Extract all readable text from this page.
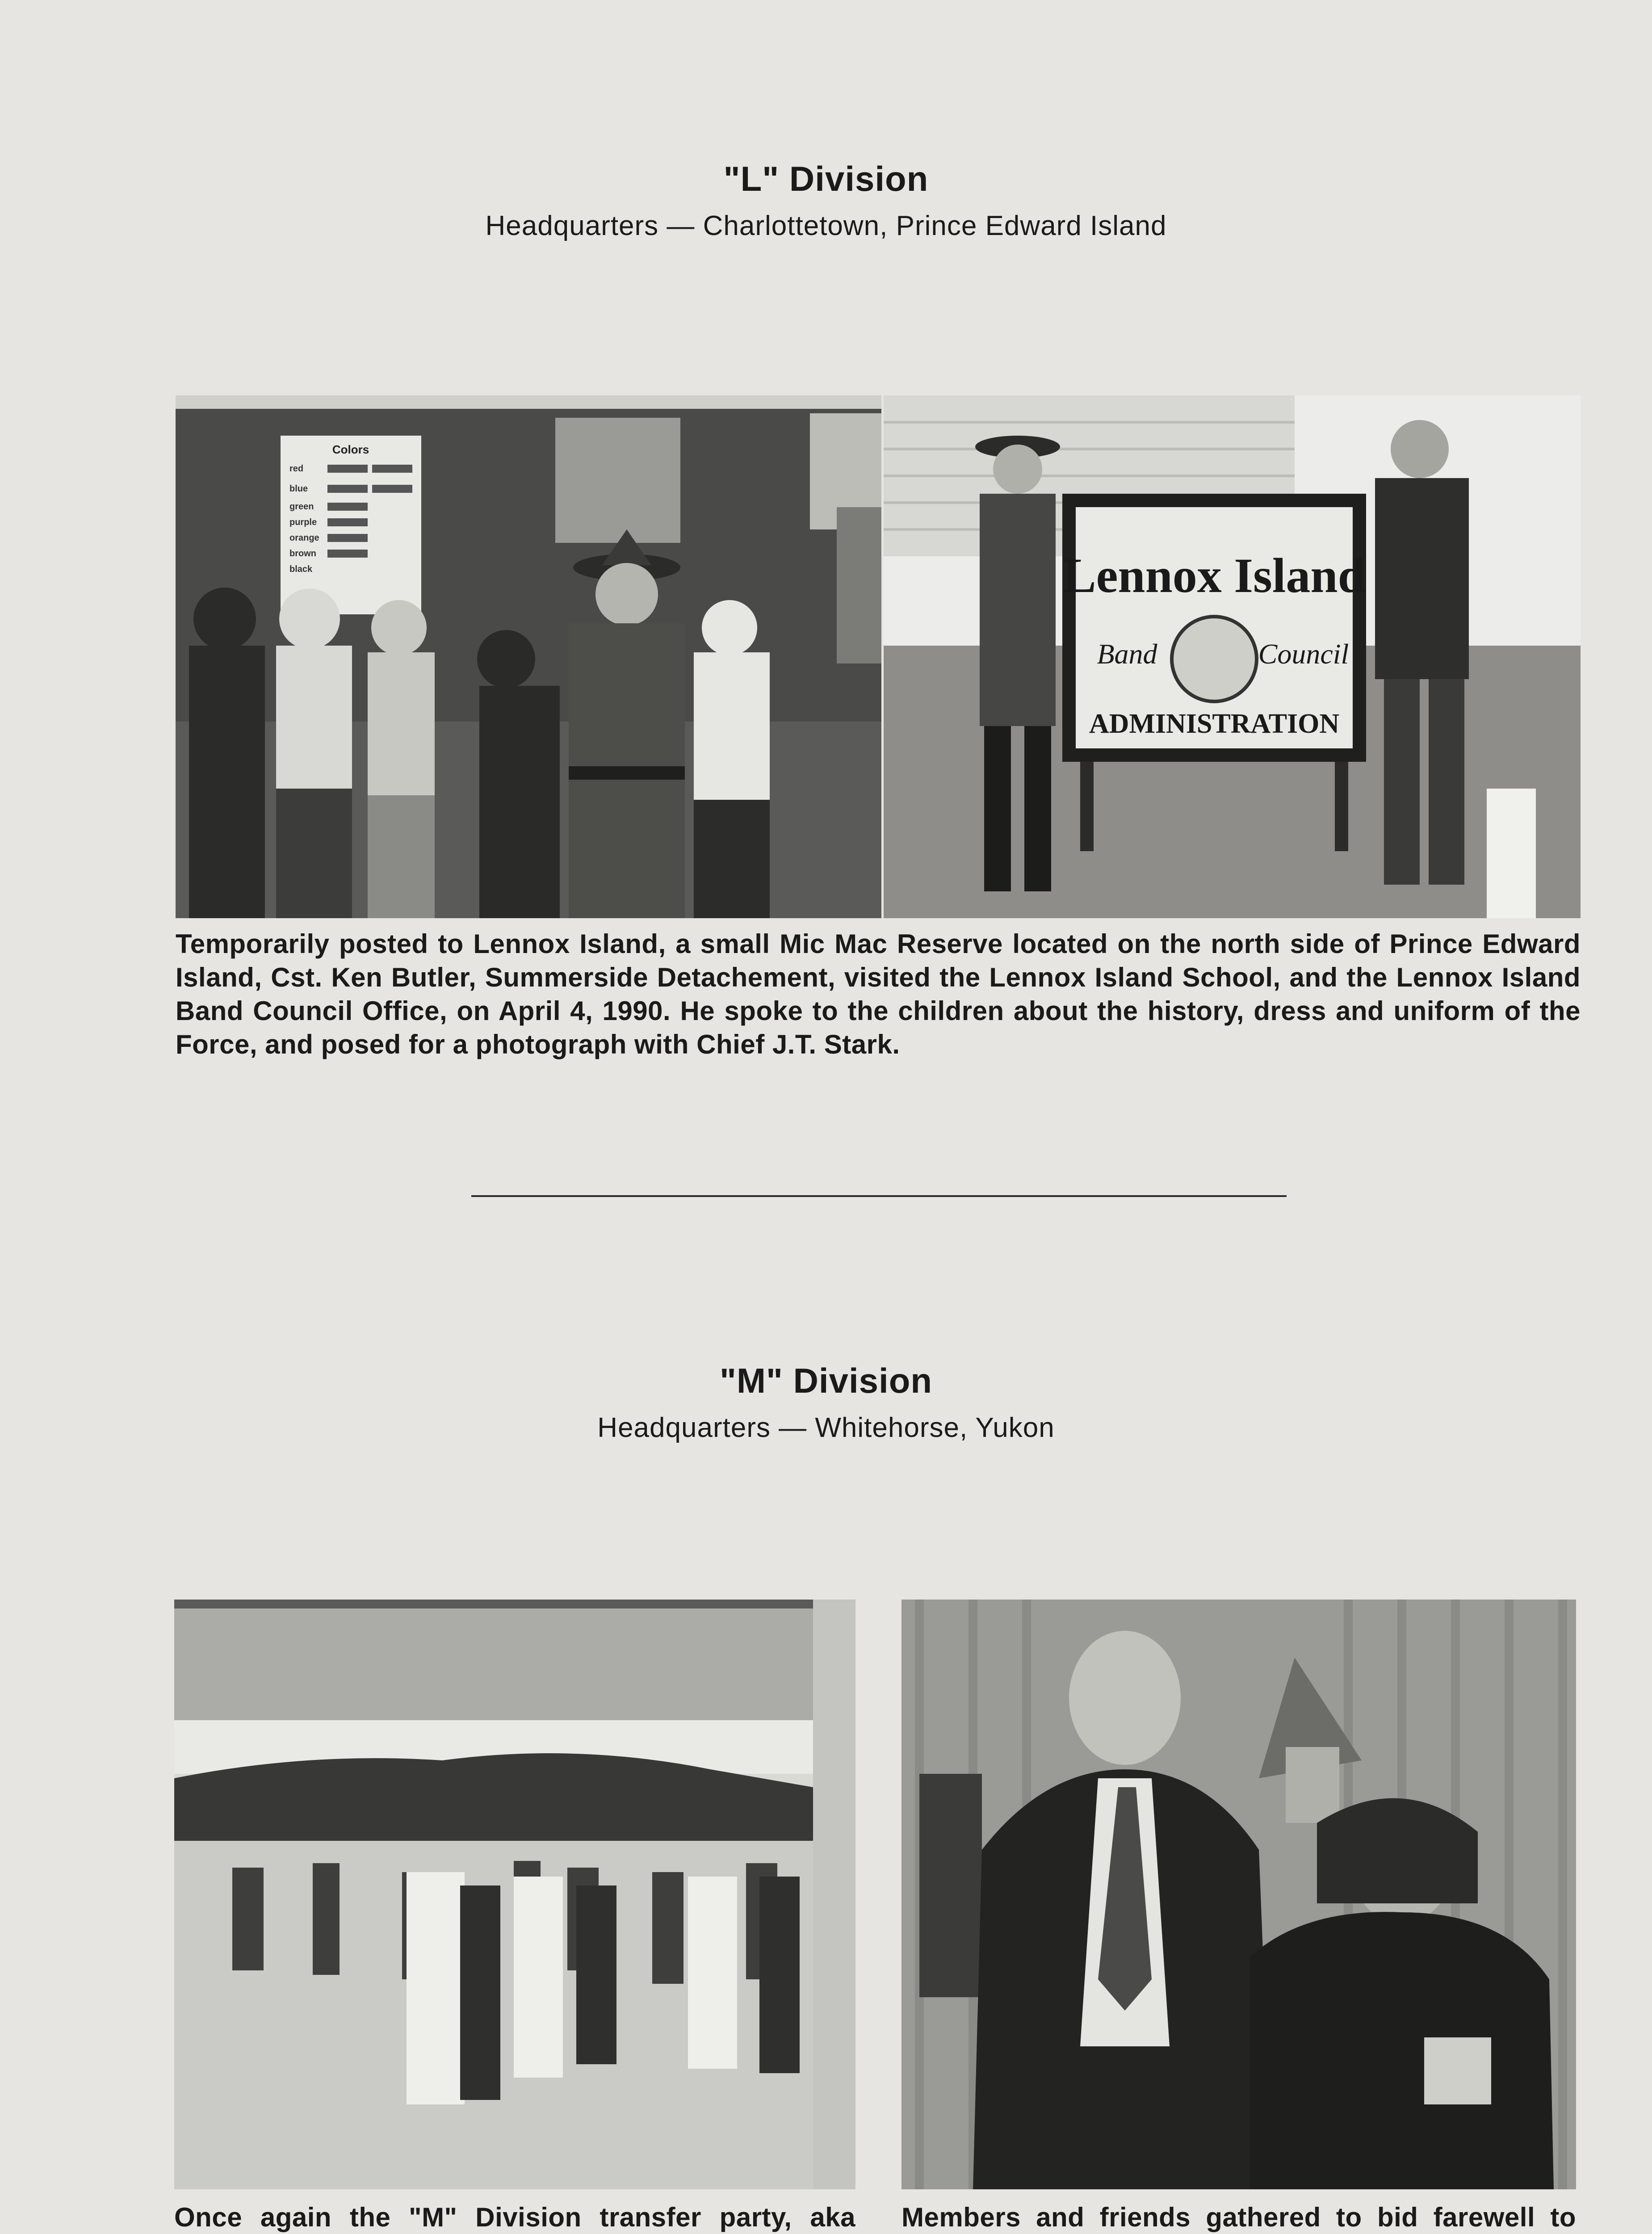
"L" Division
Headquarters — Charlottetown, Prince Edward Island
Colors
red
blue
green
purple
orange
brown
black	Lennox Island
Band	Council
ADMINISTRATION
Temporarily posted to Lennox Island, a small Mic Mac Reserve located on the north side of Prince Edward Island, Cst. Ken Butler, Summerside Detachement, visited the Lennox Island School, and the Lennox Island Band Council Office, on April 4, 1990. He spoke to the children about the history, dress and uniform of the Force, and posed for a photograph with Chief J.T. Stark.
"M" Division
Headquarters — Whitehorse, Yukon
Once again the "M" Division transfer party, aka Members and friends gathered to bid farewell to
